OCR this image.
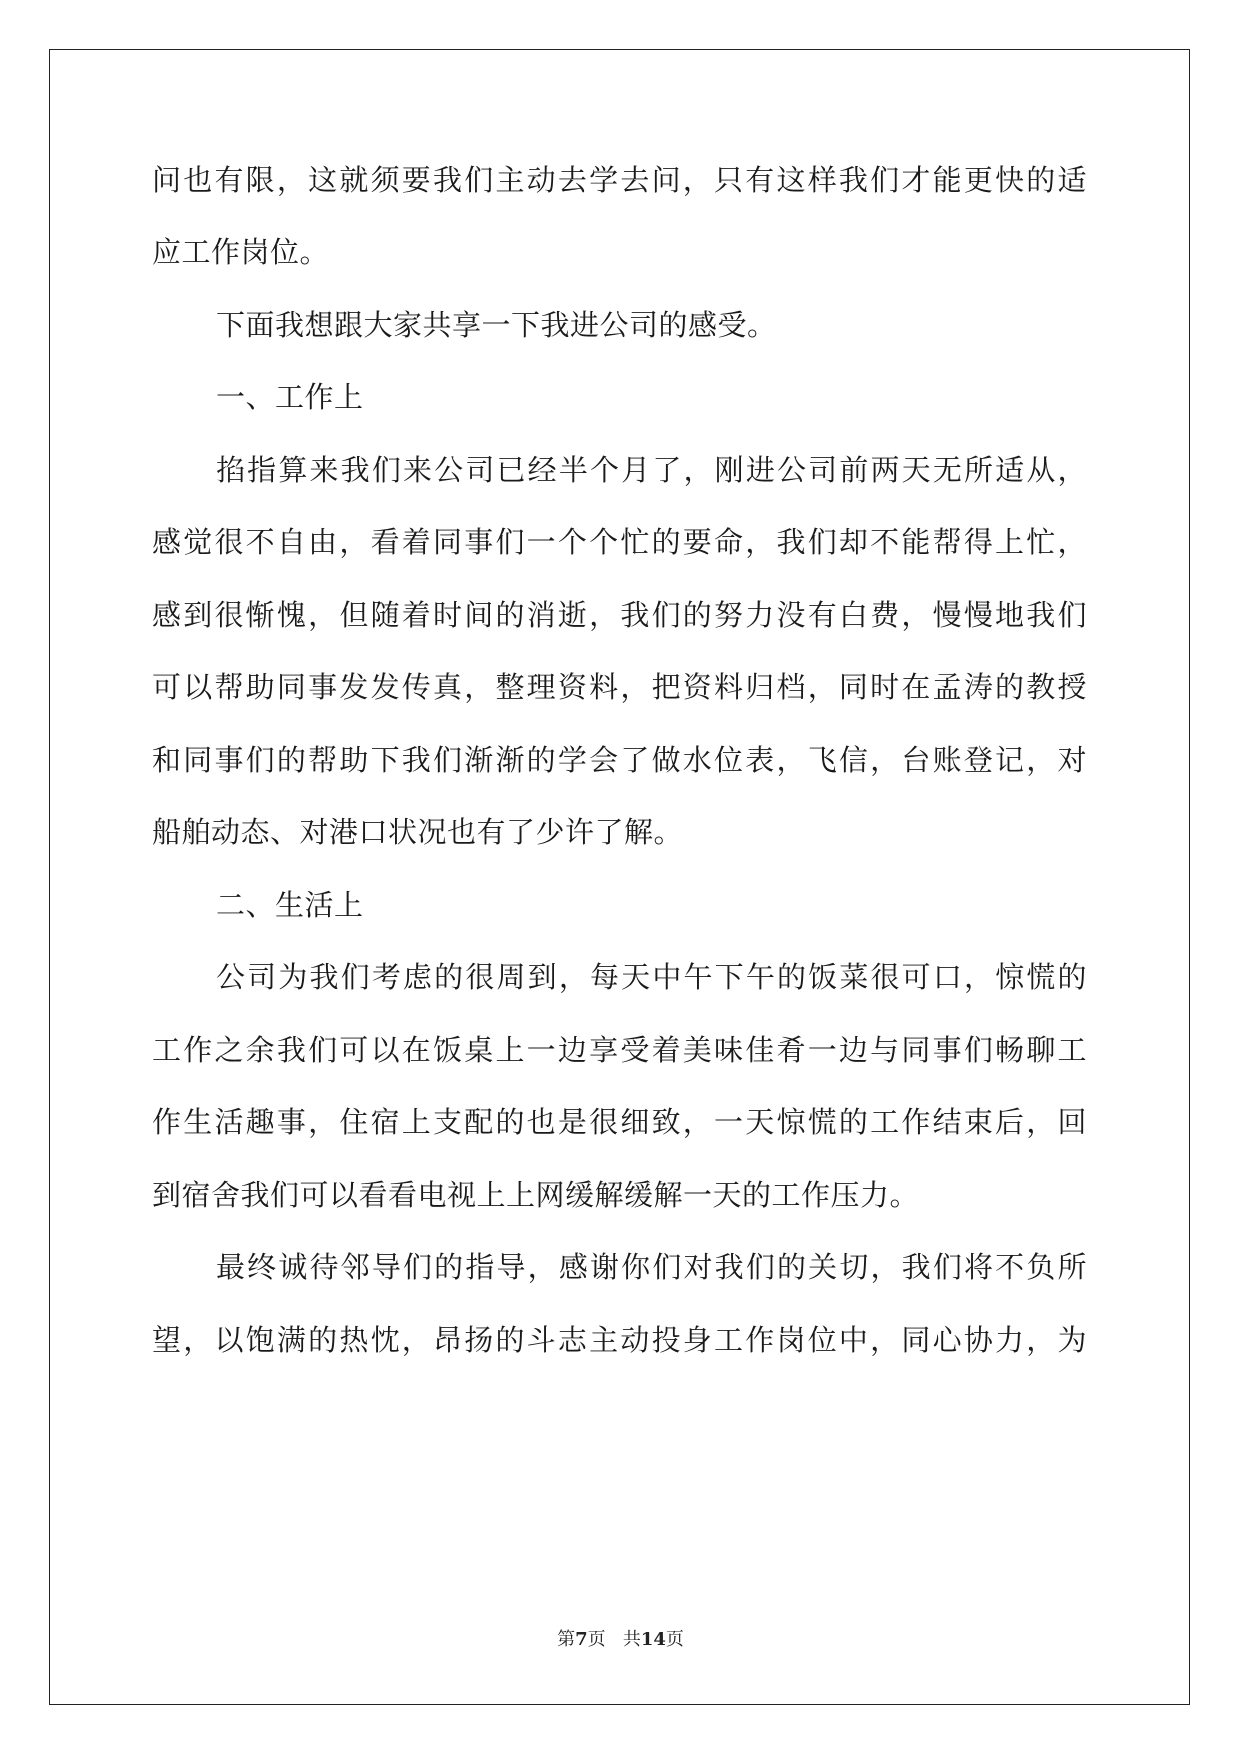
问也有限，这就须要我们主动去学去问，只有这样我们才能更快的适
应工作岗位。
下面我想跟大家共享一下我进公司的感受。
一、工作上
掐指算来我们来公司已经半个月了，刚进公司前两天无所适从，
感觉很不自由，看着同事们一个个忙的要命，我们却不能帮得上忙，
感到很惭愧，但随着时间的消逝，我们的努力没有白费，慢慢地我们
可以帮助同事发发传真，整理资料，把资料归档，同时在孟涛的教授
和同事们的帮助下我们渐渐的学会了做水位表，飞信，台账登记，对
船舶动态、对港口状况也有了少许了解。
二、生活上
公司为我们考虑的很周到，每天中午下午的饭菜很可口，惊慌的
工作之余我们可以在饭桌上一边享受着美味佳肴一边与同事们畅聊工
作生活趣事，住宿上支配的也是很细致，一天惊慌的工作结束后，回
到宿舍我们可以看看电视上上网缓解缓解一天的工作压力。
最终诚待邻导们的指导，感谢你们对我们的关切，我们将不负所
望，以饱满的热忱，昂扬的斗志主动投身工作岗位中，同心协力，为
第7页 共14页
